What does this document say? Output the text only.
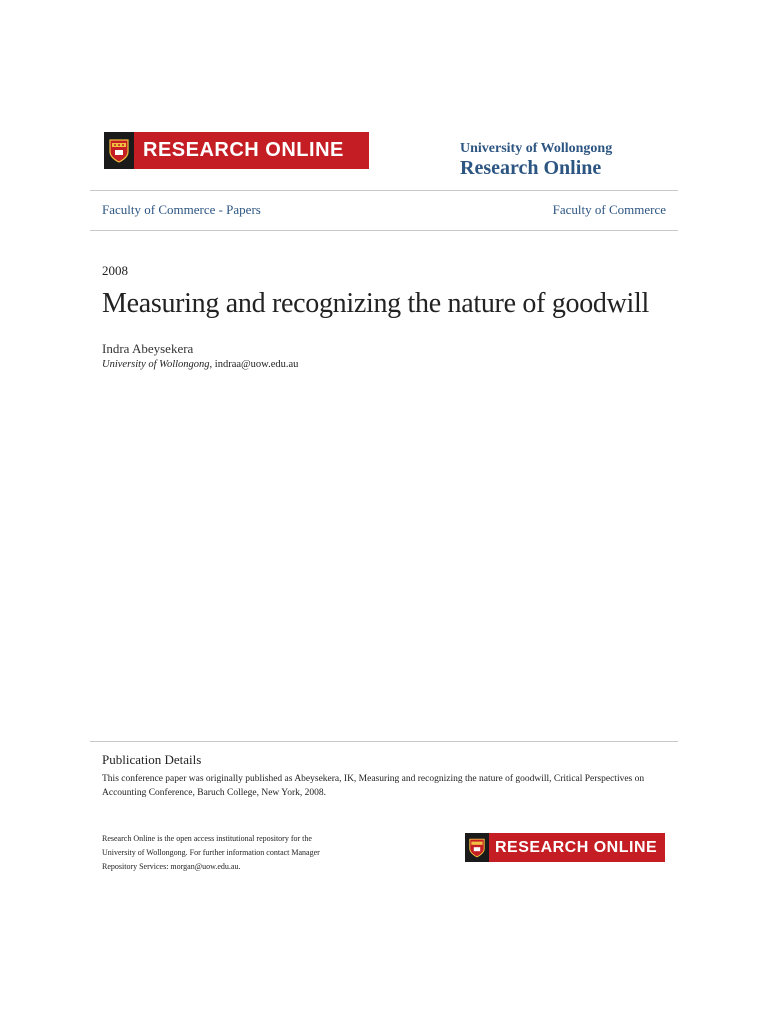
RESEARCH ONLINE	University of Wollongong
Research Online
Faculty of Commerce - Papers	Faculty of Commerce
2008
Measuring and recognizing the nature of goodwill
Indra Abeysekera
University of Wollongong, indraa@uow.edu.au
Publication Details
This conference paper was originally published as Abeysekera, IK, Measuring and recognizing the nature of goodwill, Critical Perspectives on Accounting Conference, Baruch College, New York, 2008.
Research Online is the open access institutional repository for the
University of Wollongong. For further information contact Manager
Repository Services: morgan@uow.edu.au.
RESEARCH ONLINE
